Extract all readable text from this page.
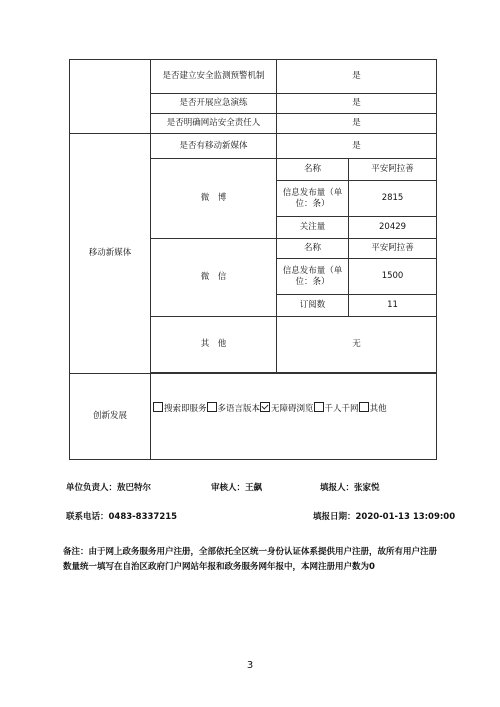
	是否建立安全监测预警机制	是	
	是否开展应急演练	是	
	是否明确网站安全责任人	是	
移动新媒体	是否有移动新媒体	是	
	微　博	名称	平安阿拉善
		信息发布量（单位：条）	2815
		关注量	20429
	微　信	名称	平安阿拉善
		信息发布量（单位：条）	1500
		订阅数	11
	其　他	无	

创新发展	搜索即服务 多语言版本 无障碍浏览 千人千网 其他		
单位负责人：敖巴特尔	审核人：王飙	填报人：张家悦
联系电话：0483-8337215	填报日期：2020-01-13 13:09:00
备注：由于网上政务服务用户注册，全部依托全区统一身份认证体系提供用户注册，故所有用户注册数量统一填写在自治区政府门户网站年报和政务服务网年报中，本网注册用户数为0
3
